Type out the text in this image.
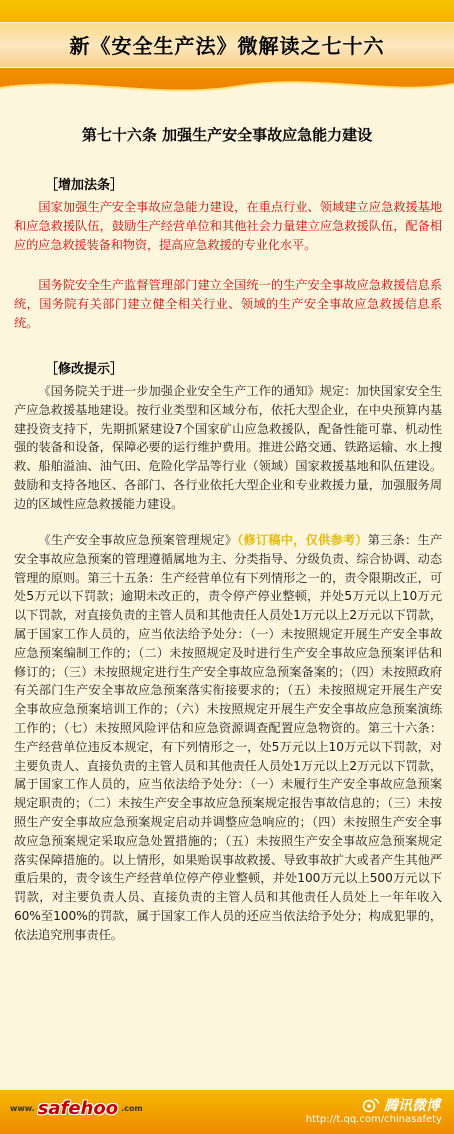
新《安全生产法》微解读之七十六
第七十六条 加强生产安全事故应急能力建设
［增加法条］

国家加强生产安全事故应急能力建设，在重点行业、领域建立应急救援基地和应急救援队伍，鼓励生产经营单位和其他社会力量建立应急救援队伍，配备相应的应急救援装备和物资，提高应急救援的专业化水平。

国务院安全生产监督管理部门建立全国统一的生产安全事故应急救援信息系统，国务院有关部门建立健全相关行业、领域的生产安全事故应急救援信息系统。

［修改提示］

《国务院关于进一步加强企业安全生产工作的通知》规定：加快国家安全生产应急救援基地建设。按行业类型和区域分布，依托大型企业，在中央预算内基建投资支持下，先期抓紧建设7个国家矿山应急救援队，配备性能可靠、机动性强的装备和设备，保障必要的运行维护费用。推进公路交通、铁路运输、水上搜救、船舶溢油、油气田、危险化学品等行业（领域）国家救援基地和队伍建设。鼓励和支持各地区、各部门、各行业依托大型企业和专业救援力量，加强服务周边的区域性应急救援能力建设。

《生产安全事故应急预案管理规定》（修订稿中，仅供参考）第三条：生产安全事故应急预案的管理遵循属地为主、分类指导、分级负责、综合协调、动态管理的原则。第三十五条：生产经营单位有下列情形之一的，责令限期改正，可处5万元以下罚款；逾期未改正的，责令停产停业整顿，并处5万元以上10万元以下罚款，对直接负责的主管人员和其他责任人员处1万元以上2万元以下罚款，属于国家工作人员的，应当依法给予处分：（一）未按照规定开展生产安全事故应急预案编制工作的；（二）未按照规定及时进行生产安全事故应急预案评估和修订的；（三）未按照规定进行生产安全事故应急预案备案的；（四）未按照政府有关部门生产安全事故应急预案落实衔接要求的；（五）未按照规定开展生产安全事故应急预案培训工作的；（六）未按照规定开展生产安全事故应急预案演练工作的；（七）未按照风险评估和应急资源调查配置应急物资的。第三十六条：生产经营单位违反本规定，有下列情形之一，处5万元以上10万元以下罚款，对主要负责人、直接负责的主管人员和其他责任人员处1万元以上2万元以下罚款，属于国家工作人员的，应当依法给予处分：（一）未履行生产安全事故应急预案规定职责的；（二）未按生产安全事故应急预案规定报告事故信息的；（三）未按照生产安全事故应急预案规定启动并调整应急响应的；（四）未按照生产安全事故应急预案规定采取应急处置措施的；（五）未按照生产安全事故应急预案规定落实保障措施的。以上情形，如果贻误事故救援、导致事故扩大或者产生其他严重后果的，责令该生产经营单位停产停业整顿，并处100万元以上500万元以下罚款，对主要负责人员、直接负责的主管人员和其他责任人员处上一年年收入60%至100%的罚款，属于国家工作人员的还应当依法给予处分；构成犯罪的，依法追究刑事责任。

www. safehoo .com	腾讯微博
http://t.qq.com/chinasafety
